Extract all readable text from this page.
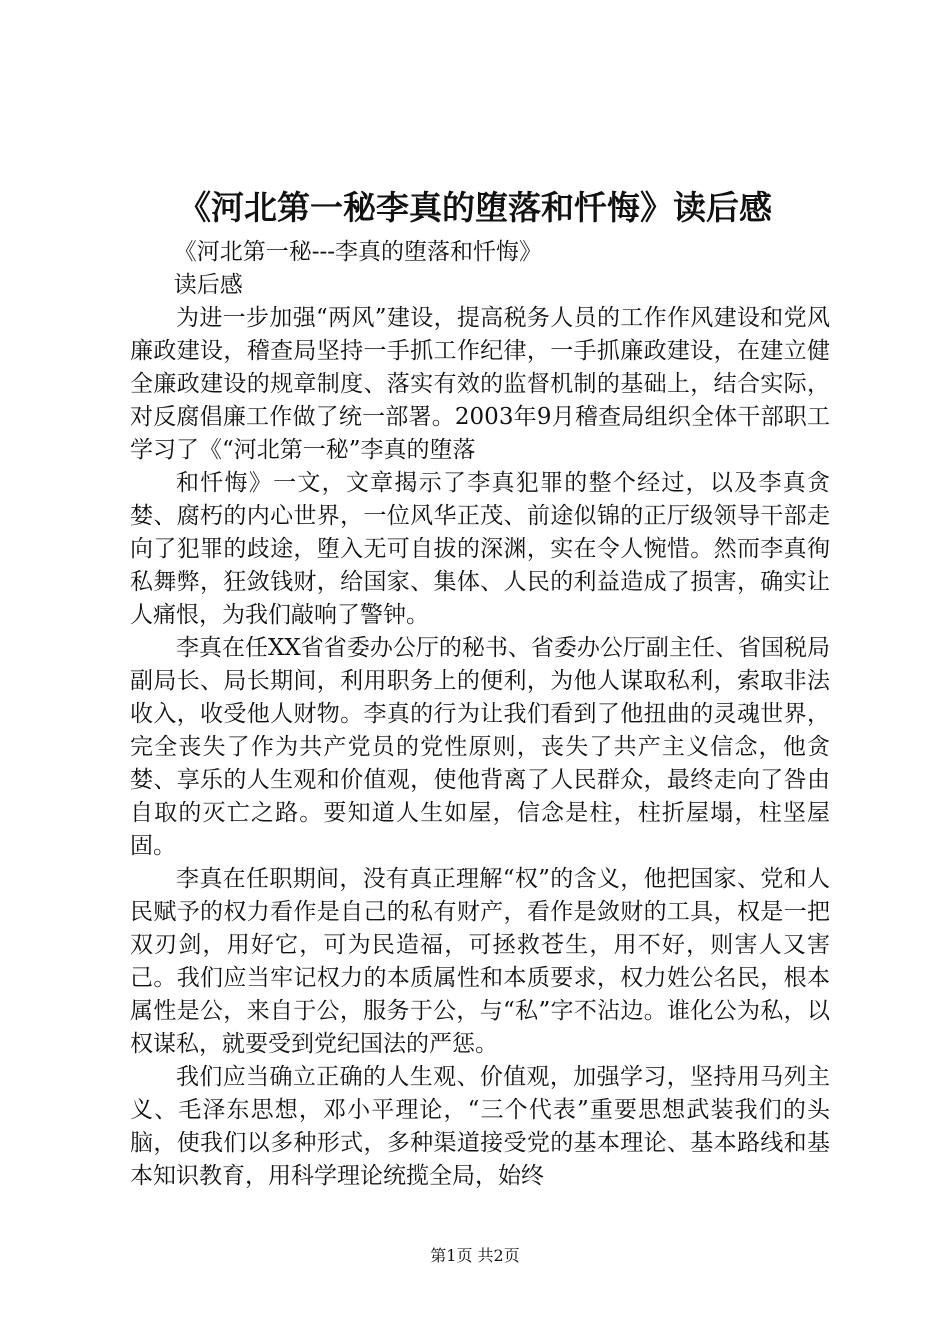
《河北第一秘李真的堕落和忏悔》读后感

《河北第一秘---李真的堕落和忏悔》

读后感

为进一步加强“两风”建设，提高税务人员的工作作风建设和党风廉政建设，稽查局坚持一手抓工作纪律，一手抓廉政建设，在建立健全廉政建设的规章制度、落实有效的监督机制的基础上，结合实际，对反腐倡廉工作做了统一部署。2003年9月稽查局组织全体干部职工学习了《“河北第一秘”李真的堕落

和忏悔》一文，文章揭示了李真犯罪的整个经过，以及李真贪婪、腐朽的内心世界，一位风华正茂、前途似锦的正厅级领导干部走向了犯罪的歧途，堕入无可自拔的深渊，实在令人惋惜。然而李真徇私舞弊，狂敛钱财，给国家、集体、人民的利益造成了损害，确实让人痛恨，为我们敲响了警钟。

李真在任XX省省委办公厅的秘书、省委办公厅副主任、省国税局副局长、局长期间，利用职务上的便利，为他人谋取私利，索取非法收入，收受他人财物。李真的行为让我们看到了他扭曲的灵魂世界，完全丧失了作为共产党员的党性原则，丧失了共产主义信念，他贪婪、享乐的人生观和价值观，使他背离了人民群众，最终走向了咎由自取的灭亡之路。要知道人生如屋，信念是柱，柱折屋塌，柱坚屋固。

李真在任职期间，没有真正理解“权”的含义，他把国家、党和人民赋予的权力看作是自己的私有财产，看作是敛财的工具，权是一把双刃剑，用好它，可为民造福，可拯救苍生，用不好，则害人又害己。我们应当牢记权力的本质属性和本质要求，权力姓公名民，根本属性是公，来自于公，服务于公，与“私”字不沾边。谁化公为私，以权谋私，就要受到党纪国法的严惩。

我们应当确立正确的人生观、价值观，加强学习，坚持用马列主义、毛泽东思想，邓小平理论，“三个代表”重要思想武装我们的头脑，使我们以多种形式，多种渠道接受党的基本理论、基本路线和基本知识教育，用科学理论统揽全局，始终

第1页 共2页
